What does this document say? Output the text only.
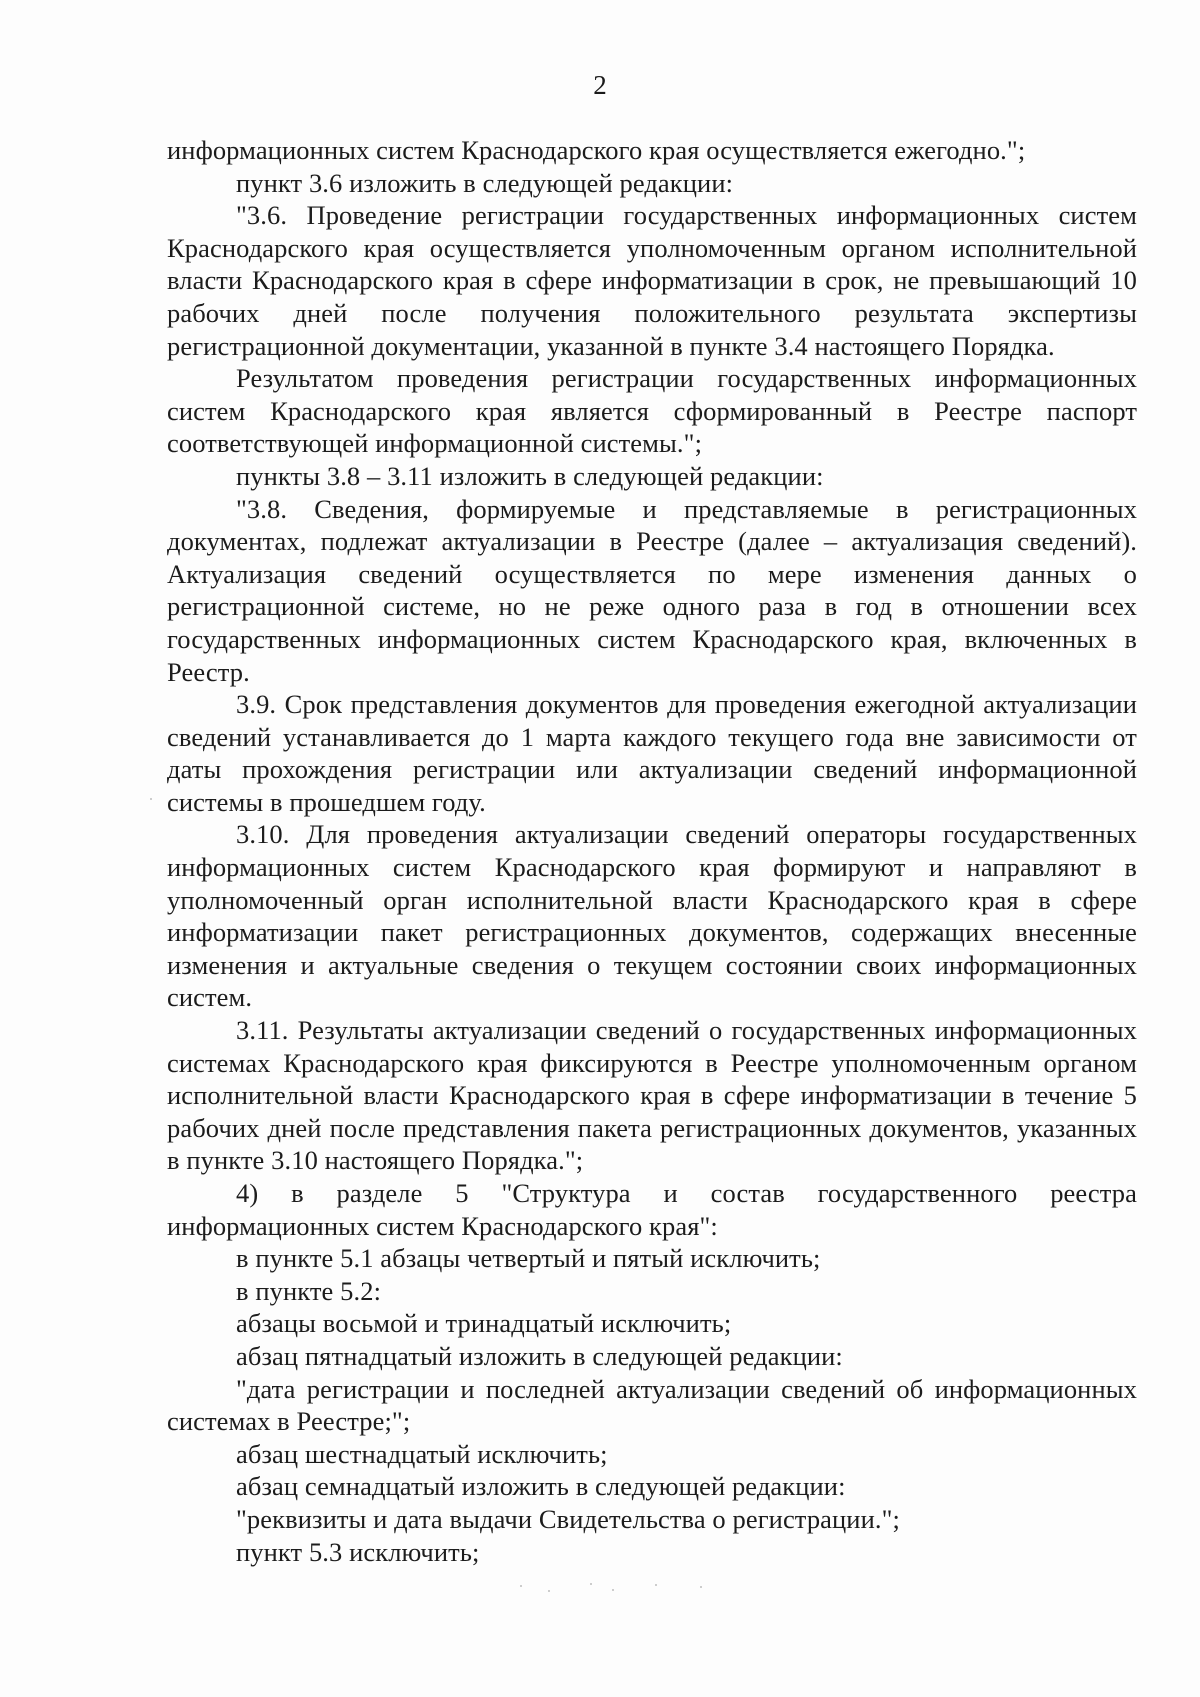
2

информационных систем Краснодарского края осуществляется ежегодно.";

пункт 3.6 изложить в следующей редакции:

"3.6. Проведение регистрации государственных информационных систем Краснодарского края осуществляется уполномоченным органом исполнительной власти Краснодарского края в сфере информатизации в срок, не превышающий 10 рабочих дней после получения положительного результата экспертизы регистрационной документации, указанной в пункте 3.4 настоящего Порядка.

Результатом проведения регистрации государственных информационных систем Краснодарского края является сформированный в Реестре паспорт соответствующей информационной системы.";

пункты 3.8 – 3.11 изложить в следующей редакции:

"3.8. Сведения, формируемые и представляемые в регистрационных документах, подлежат актуализации в Реестре (далее – актуализация сведений). Актуализация сведений осуществляется по мере изменения данных о регистрационной системе, но не реже одного раза в год в отношении всех государственных информационных систем Краснодарского края, включенных в Реестр.

3.9. Срок представления документов для проведения ежегодной актуализации сведений устанавливается до 1 марта каждого текущего года вне зависимости от даты прохождения регистрации или актуализации сведений информационной системы в прошедшем году.

3.10. Для проведения актуализации сведений операторы государственных информационных систем Краснодарского края формируют и направляют в уполномоченный орган исполнительной власти Краснодарского края в сфере информатизации пакет регистрационных документов, содержащих внесенные изменения и актуальные сведения о текущем состоянии своих информационных систем.

3.11. Результаты актуализации сведений о государственных информационных системах Краснодарского края фиксируются в Реестре уполномоченным органом исполнительной власти Краснодарского края в сфере информатизации в течение 5 рабочих дней после представления пакета регистрационных документов, указанных в пункте 3.10 настоящего Порядка.";

4) в разделе 5 "Структура и состав государственного реестра информационных систем Краснодарского края":

в пункте 5.1 абзацы четвертый и пятый исключить;

в пункте 5.2:

абзацы восьмой и тринадцатый исключить;

абзац пятнадцатый изложить в следующей редакции:

"дата регистрации и последней актуализации сведений об информационных системах в Реестре;";

абзац шестнадцатый исключить;

абзац семнадцатый изложить в следующей редакции:

"реквизиты и дата выдачи Свидетельства о регистрации.";

пункт 5.3 исключить;
